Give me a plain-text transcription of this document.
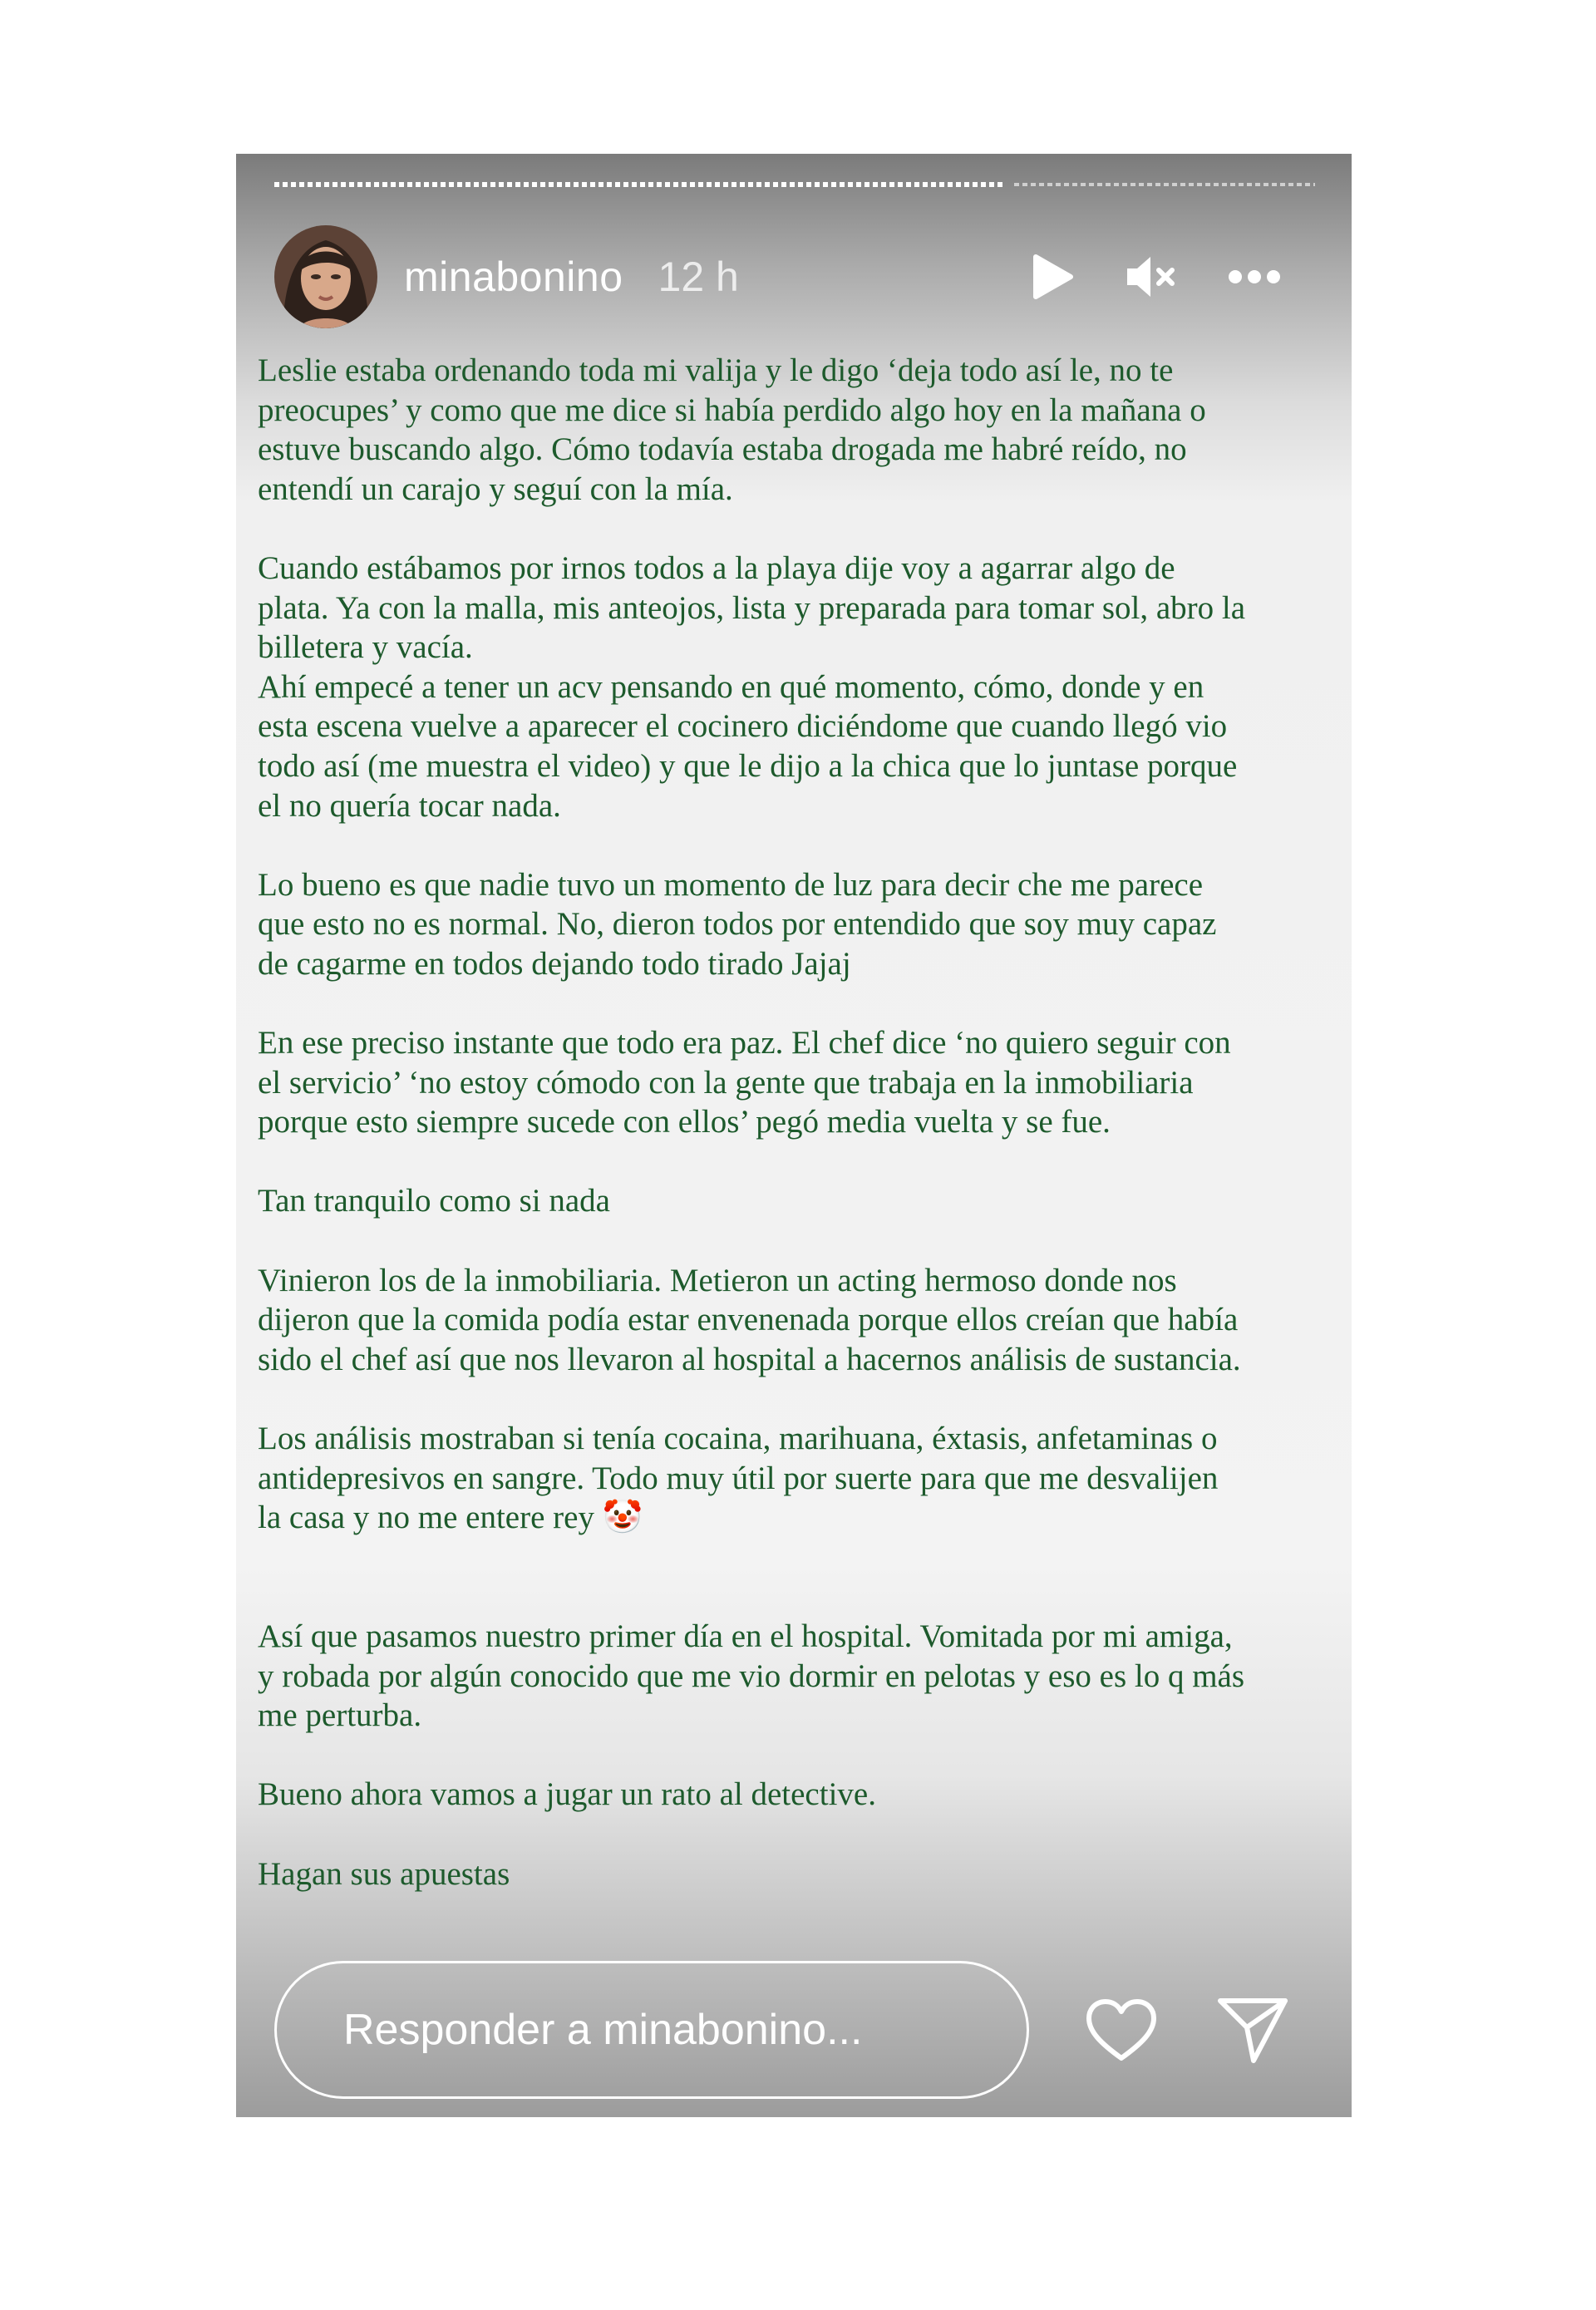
minabonino 12 h

Leslie estaba ordenando toda mi valija y le digo ‘deja todo así le, no te
preocupes’ y como que me dice si había perdido algo hoy en la mañana o
estuve buscando algo. Cómo todavía estaba drogada me habré reído, no
entendí un carajo y seguí con la mía.

Cuando estábamos por irnos todos a la playa dije voy a agarrar algo de
plata. Ya con la malla, mis anteojos, lista y preparada para tomar sol, abro la
billetera y vacía.
Ahí empecé a tener un acv pensando en qué momento, cómo, donde y en
esta escena vuelve a aparecer el cocinero diciéndome que cuando llegó vio
todo así (me muestra el video) y que le dijo a la chica que lo juntase porque
el no quería tocar nada.

Lo bueno es que nadie tuvo un momento de luz para decir che me parece
que esto no es normal. No, dieron todos por entendido que soy muy capaz
de cagarme en todos dejando todo tirado Jajaj

En ese preciso instante que todo era paz. El chef dice ‘no quiero seguir con
el servicio’ ‘no estoy cómodo con la gente que trabaja en la inmobiliaria
porque esto siempre sucede con ellos’ pegó media vuelta y se fue.

Tan tranquilo como si nada

Vinieron los de la inmobiliaria. Metieron un acting hermoso donde nos
dijeron que la comida podía estar envenenada porque ellos creían que había
sido el chef así que nos llevaron al hospital a hacernos análisis de sustancia.

Los análisis mostraban si tenía cocaina, marihuana, éxtasis, anfetaminas o
antidepresivos en sangre. Todo muy útil por suerte para que me desvalijen
la casa y no me entere rey 🤡

Así que pasamos nuestro primer día en el hospital. Vomitada por mi amiga,
y robada por algún conocido que me vio dormir en pelotas y eso es lo q más
me perturba.

Bueno ahora vamos a jugar un rato al detective.

Hagan sus apuestas

Responder a minabonino...
